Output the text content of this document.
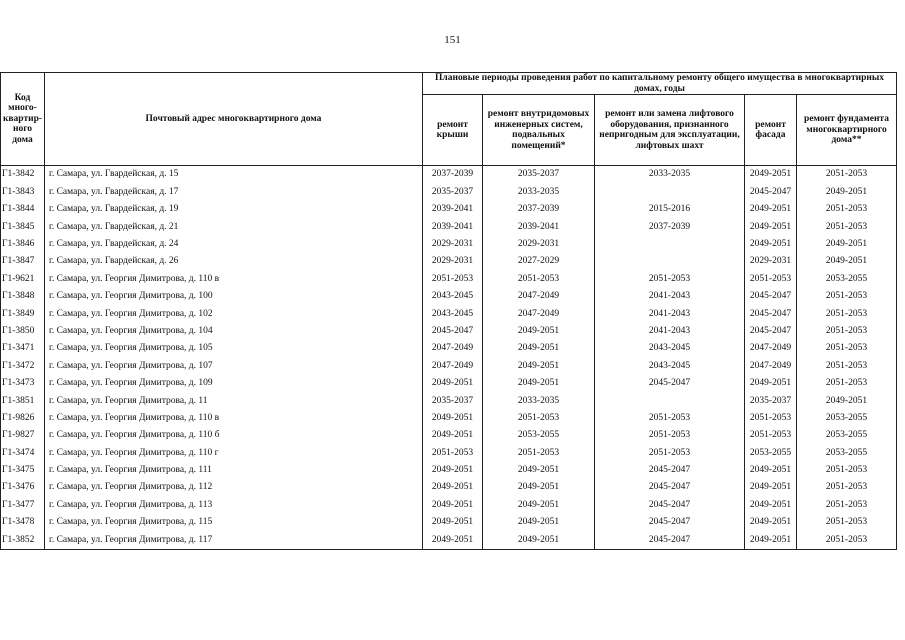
151
Код много-квартир-ного дома	Почтовый адрес многоквартирного дома	Плановые периоды проведения работ по капитальному ремонту общего имущества в многоквартирных домах, годы				
		ремонт крыши	ремонт внутридомовых инженерных систем, подвальных помещений*	ремонт или замена лифтового оборудования, признанного непригодным для эксплуатации, лифтовых шахт	ремонт фасада	ремонт фундамента многоквартирного дома**
Г1-3842	г. Самара, ул. Гвардейская, д. 15	2037-2039	2035-2037	2033-2035	2049-2051	2051-2053
Г1-3843	г. Самара, ул. Гвардейская, д. 17	2035-2037	2033-2035		2045-2047	2049-2051
Г1-3844	г. Самара, ул. Гвардейская, д. 19	2039-2041	2037-2039	2015-2016	2049-2051	2051-2053
Г1-3845	г. Самара, ул. Гвардейская, д. 21	2039-2041	2039-2041	2037-2039	2049-2051	2051-2053
Г1-3846	г. Самара, ул. Гвардейская, д. 24	2029-2031	2029-2031		2049-2051	2049-2051
Г1-3847	г. Самара, ул. Гвардейская, д. 26	2029-2031	2027-2029		2029-2031	2049-2051
Г1-9621	г. Самара, ул. Георгия Димитрова, д. 110 в	2051-2053	2051-2053	2051-2053	2051-2053	2053-2055
Г1-3848	г. Самара, ул. Георгия Димитрова, д. 100	2043-2045	2047-2049	2041-2043	2045-2047	2051-2053
Г1-3849	г. Самара, ул. Георгия Димитрова, д. 102	2043-2045	2047-2049	2041-2043	2045-2047	2051-2053
Г1-3850	г. Самара, ул. Георгия Димитрова, д. 104	2045-2047	2049-2051	2041-2043	2045-2047	2051-2053
Г1-3471	г. Самара, ул. Георгия Димитрова, д. 105	2047-2049	2049-2051	2043-2045	2047-2049	2051-2053
Г1-3472	г. Самара, ул. Георгия Димитрова, д. 107	2047-2049	2049-2051	2043-2045	2047-2049	2051-2053
Г1-3473	г. Самара, ул. Георгия Димитрова, д. 109	2049-2051	2049-2051	2045-2047	2049-2051	2051-2053
Г1-3851	г. Самара, ул. Георгия Димитрова, д. 11	2035-2037	2033-2035		2035-2037	2049-2051
Г1-9826	г. Самара, ул. Георгия Димитрова, д. 110 в	2049-2051	2051-2053	2051-2053	2051-2053	2053-2055
Г1-9827	г. Самара, ул. Георгия Димитрова, д. 110 б	2049-2051	2053-2055	2051-2053	2051-2053	2053-2055
Г1-3474	г. Самара, ул. Георгия Димитрова, д. 110 г	2051-2053	2051-2053	2051-2053	2053-2055	2053-2055
Г1-3475	г. Самара, ул. Георгия Димитрова, д. 111	2049-2051	2049-2051	2045-2047	2049-2051	2051-2053
Г1-3476	г. Самара, ул. Георгия Димитрова, д. 112	2049-2051	2049-2051	2045-2047	2049-2051	2051-2053
Г1-3477	г. Самара, ул. Георгия Димитрова, д. 113	2049-2051	2049-2051	2045-2047	2049-2051	2051-2053
Г1-3478	г. Самара, ул. Георгия Димитрова, д. 115	2049-2051	2049-2051	2045-2047	2049-2051	2051-2053
Г1-3852	г. Самара, ул. Георгия Димитрова, д. 117	2049-2051	2049-2051	2045-2047	2049-2051	2051-2053
